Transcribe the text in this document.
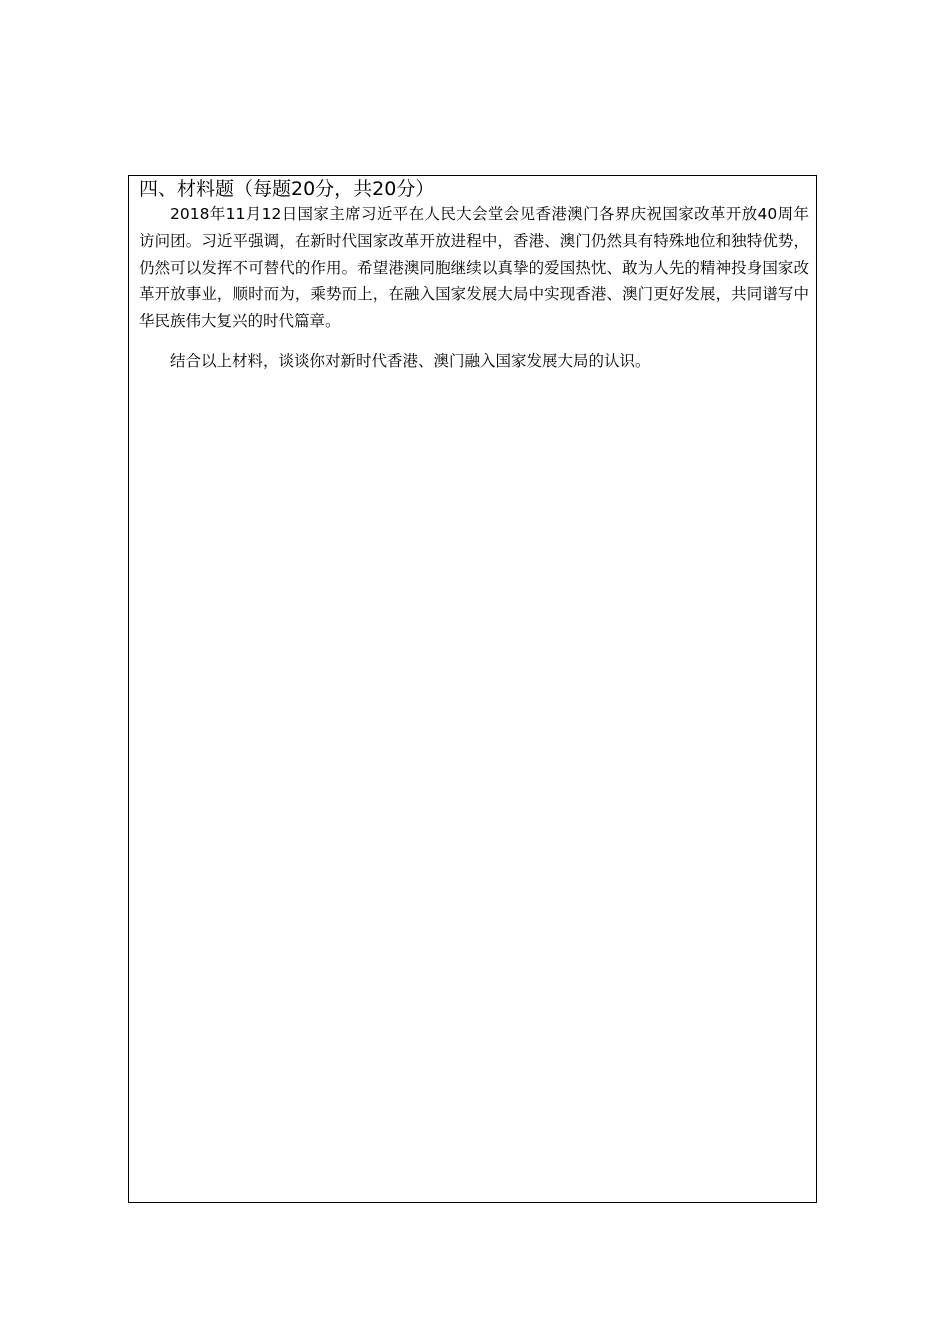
四、材料题（每题20分，共20分）

2018年11月12日国家主席习近平在人民大会堂会见香港澳门各界庆祝国家改革开放40周年访问团。习近平强调，在新时代国家改革开放进程中，香港、澳门仍然具有特殊地位和独特优势，仍然可以发挥不可替代的作用。希望港澳同胞继续以真挚的爱国热忱、敢为人先的精神投身国家改革开放事业，顺时而为，乘势而上，在融入国家发展大局中实现香港、澳门更好发展，共同谱写中华民族伟大复兴的时代篇章。

结合以上材料，谈谈你对新时代香港、澳门融入国家发展大局的认识。
